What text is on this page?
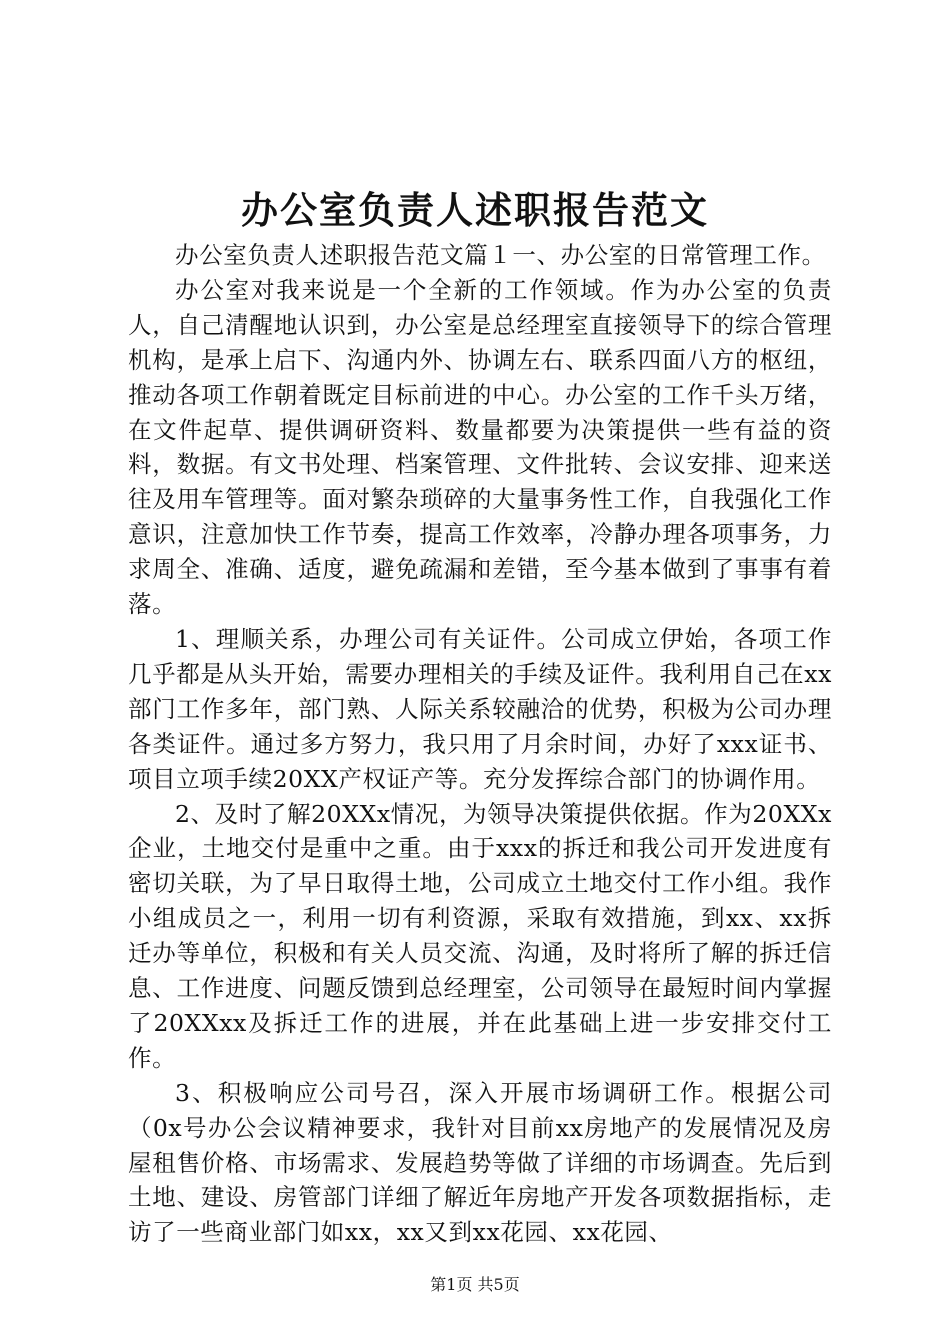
办公室负责人述职报告范文

办公室负责人述职报告范文篇１一、办公室的日常管理工作。

办公室对我来说是一个全新的工作领域。作为办公室的负责人，自己清醒地认识到，办公室是总经理室直接领导下的综合管理机构，是承上启下、沟通内外、协调左右、联系四面八方的枢纽，推动各项工作朝着既定目标前进的中心。办公室的工作千头万绪，在文件起草、提供调研资料、数量都要为决策提供一些有益的资料，数据。有文书处理、档案管理、文件批转、会议安排、迎来送往及用车管理等。面对繁杂琐碎的大量事务性工作，自我强化工作意识，注意加快工作节奏，提高工作效率，冷静办理各项事务，力求周全、准确、适度，避免疏漏和差错，至今基本做到了事事有着落。

1、理顺关系，办理公司有关证件。公司成立伊始，各项工作几乎都是从头开始，需要办理相关的手续及证件。我利用自己在xx部门工作多年，部门熟、人际关系较融洽的优势，积极为公司办理各类证件。通过多方努力，我只用了月余时间，办好了xxx证书、项目立项手续20XX产权证产等。充分发挥综合部门的协调作用。

2、及时了解20XXx情况，为领导决策提供依据。作为20XXx企业，土地交付是重中之重。由于xxx的拆迁和我公司开发进度有密切关联，为了早日取得土地，公司成立土地交付工作小组。我作小组成员之一，利用一切有利资源，采取有效措施，到xx、xx拆迁办等单位，积极和有关人员交流、沟通，及时将所了解的拆迁信息、工作进度、问题反馈到总经理室，公司领导在最短时间内掌握了20XXxx及拆迁工作的进展，并在此基础上进一步安排交付工作。

3、积极响应公司号召，深入开展市场调研工作。根据公司（0x号办公会议精神要求，我针对目前xx房地产的发展情况及房屋租售价格、市场需求、发展趋势等做了详细的市场调查。先后到土地、建设、房管部门详细了解近年房地产开发各项数据指标，走访了一些商业部门如xx，xx又到xx花园、xx花园、

第1页 共5页
